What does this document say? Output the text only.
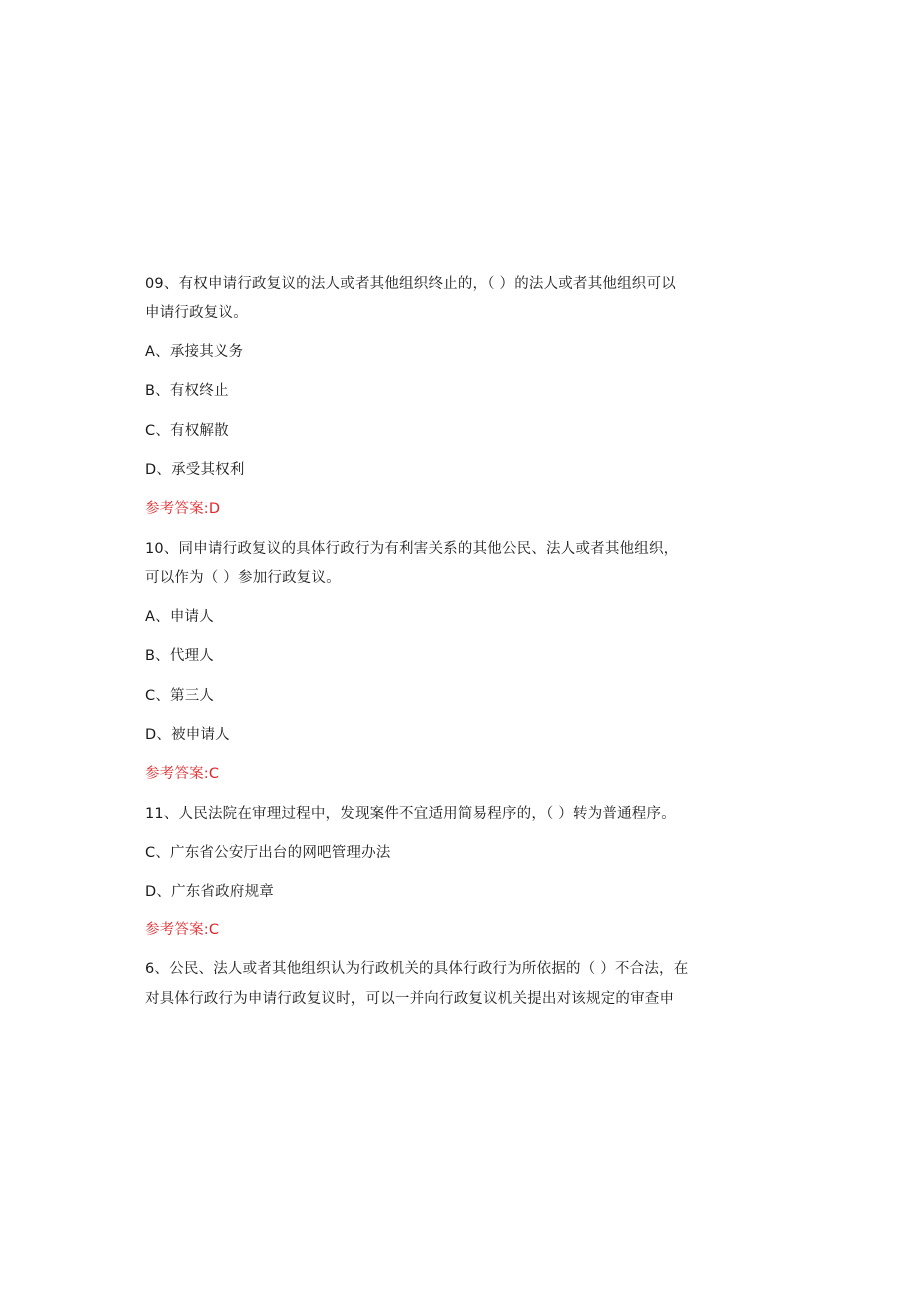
09、有权申请行政复议的法人或者其他组织终止的，（ ）的法人或者其他组织可以
申请行政复议。
A、承接其义务
B、有权终止
C、有权解散
D、承受其权利
参考答案:D
10、同申请行政复议的具体行政行为有利害关系的其他公民、法人或者其他组织，
可以作为（ ）参加行政复议。
A、申请人
B、代理人
C、第三人
D、被申请人
参考答案:C
11、人民法院在审理过程中，发现案件不宜适用简易程序的，（ ）转为普通程序。
C、广东省公安厅出台的网吧管理办法
D、广东省政府规章
参考答案:C
6、公民、法人或者其他组织认为行政机关的具体行政行为所依据的（ ）不合法，在
对具体行政行为申请行政复议时，可以一并向行政复议机关提出对该规定的审查申
